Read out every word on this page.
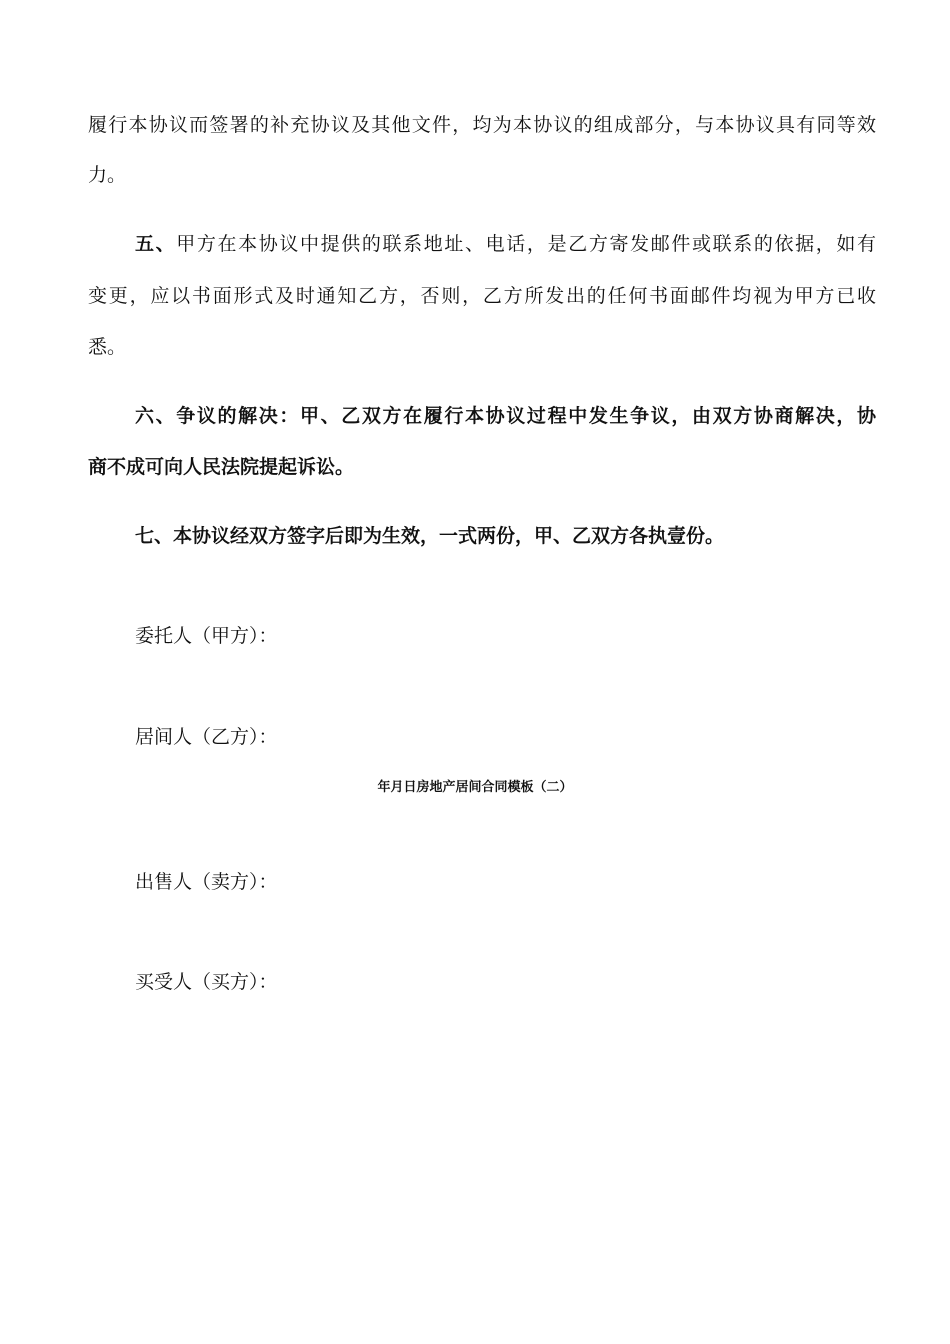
履行本协议而签署的补充协议及其他文件，均为本协议的组成部分，与本协议具有同等效
力。
五、甲方在本协议中提供的联系地址、电话，是乙方寄发邮件或联系的依据，如有
变更，应以书面形式及时通知乙方，否则，乙方所发出的任何书面邮件均视为甲方已收
悉。
六、争议的解决：甲、乙双方在履行本协议过程中发生争议，由双方协商解决，协
商不成可向人民法院提起诉讼。
七、本协议经双方签字后即为生效，一式两份，甲、乙双方各执壹份。
委托人（甲方）：
居间人（乙方）：
年月日房地产居间合同模板（二）
出售人（卖方）：
买受人（买方）：
